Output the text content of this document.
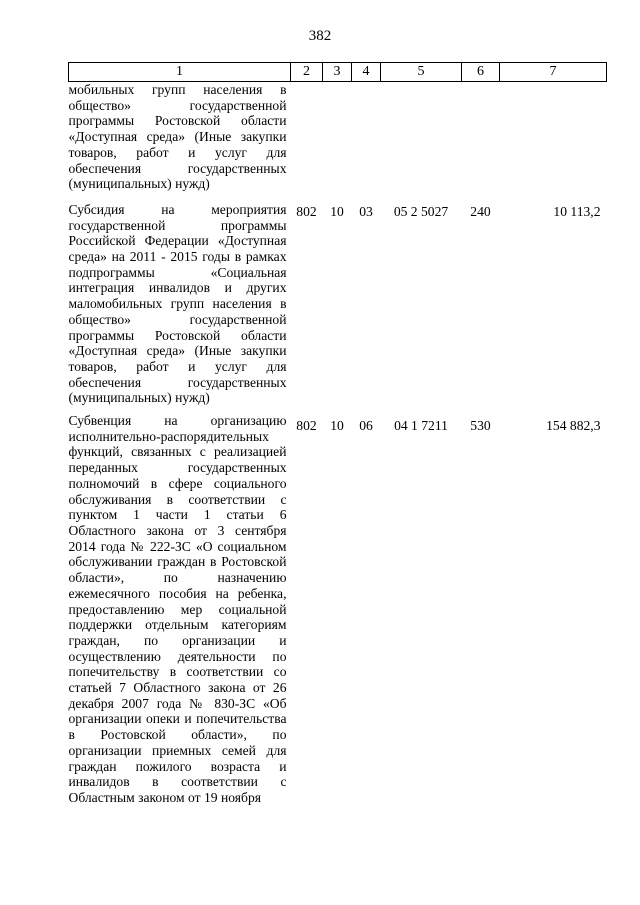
382
1	2	3	4	5	6	7
мобильных групп населения в общество» государственной программы Ростовской области «Доступная среда» (Иные закупки товаров, работ и услуг для обеспечения государственных (муниципальных) нужд)						
Субсидия на мероприятия государственной программы Российской Федерации «Доступная среда» на 2011 - 2015 годы в рамках подпрограммы «Социальная интеграция инвалидов и других маломобильных групп населения в общество» государственной программы Ростовской области «Доступная среда» (Иные закупки товаров, работ и услуг для обеспечения государственных (муниципальных) нужд)	802	10	03	05 2 5027	240	10 113,2
Субвенция на организацию исполнительно-распорядительных функций, связанных с реализацией переданных государственных полномочий в сфере социального обслуживания в соответствии с пунктом 1 части 1 статьи 6 Областного закона от 3 сентября 2014 года № 222-ЗС «О социальном обслуживании граждан в Ростовской области», по назначению ежемесячного пособия на ребенка, предоставлению мер социальной поддержки отдельным категориям граждан, по организации и осуществлению деятельности по попечительству в соответствии со статьей 7 Областного закона от 26 декабря 2007 года № 830-ЗС «Об организации опеки и попечительства в Ростовской области», по организации приемных семей для граждан пожилого возраста и инвалидов в соответствии с Областным законом от 19 ноября	802	10	06	04 1 7211	530	154 882,3
